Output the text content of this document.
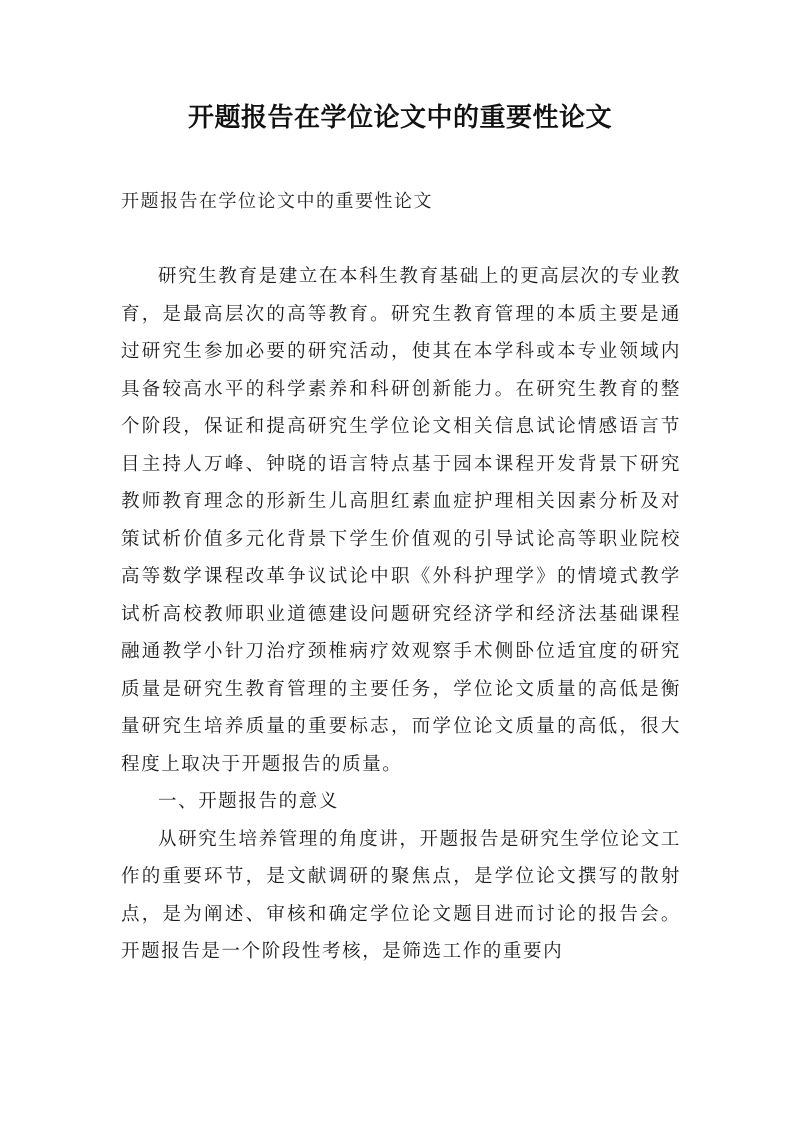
开题报告在学位论文中的重要性论文
开题报告在学位论文中的重要性论文

研究生教育是建立在本科生教育基础上的更高层次的专业教育，是最高层次的高等教育。研究生教育管理的本质主要是通过研究生参加必要的研究活动，使其在本学科或本专业领域内具备较高水平的科学素养和科研创新能力。在研究生教育的整个阶段，保证和提高研究生学位论文相关信息试论情感语言节目主持人万峰、钟晓的语言特点基于园本课程开发背景下研究教师教育理念的形新生儿高胆红素血症护理相关因素分析及对策试析价值多元化背景下学生价值观的引导试论高等职业院校高等数学课程改革争议试论中职《外科护理学》的情境式教学试析高校教师职业道德建设问题研究经济学和经济法基础课程融通教学小针刀治疗颈椎病疗效观察手术侧卧位适宜度的研究质量是研究生教育管理的主要任务，学位论文质量的高低是衡量研究生培养质量的重要标志，而学位论文质量的高低，很大程度上取决于开题报告的质量。

一、开题报告的意义

从研究生培养管理的角度讲，开题报告是研究生学位论文工作的重要环节，是文献调研的聚焦点，是学位论文撰写的散射点，是为阐述、审核和确定学位论文题目进而讨论的报告会。开题报告是一个阶段性考核，是筛选工作的重要内
